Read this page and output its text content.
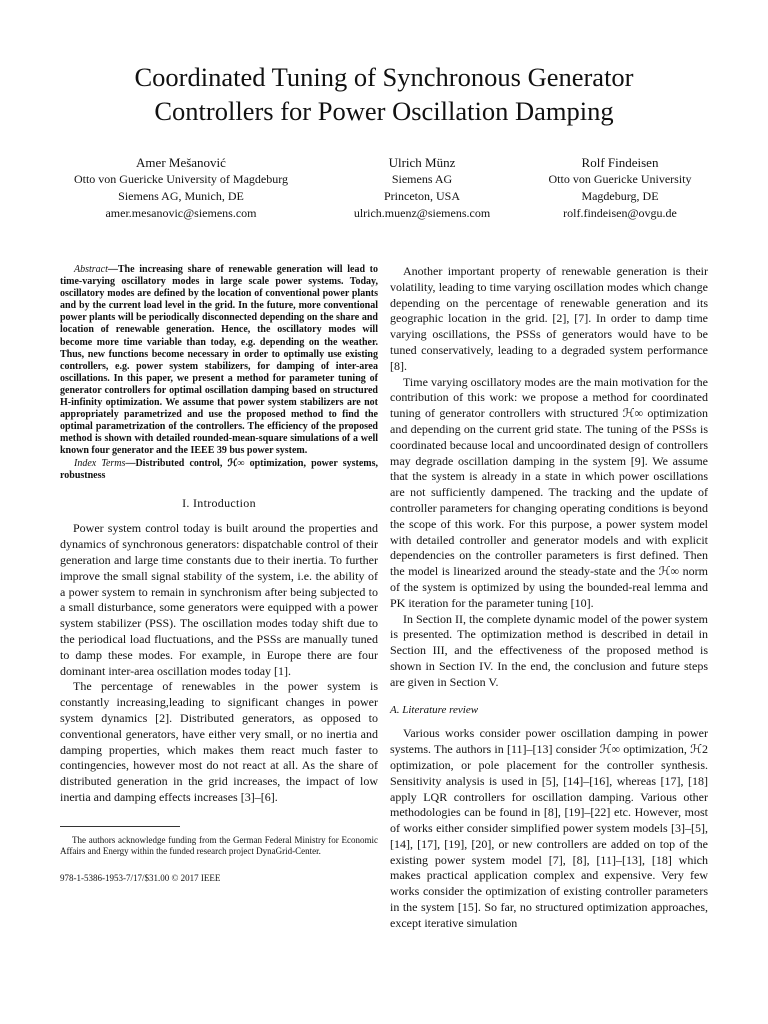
Coordinated Tuning of Synchronous Generator
Controllers for Power Oscillation Damping
Amer Mešanović
Otto von Guericke University of Magdeburg
Siemens AG, Munich, DE
amer.mesanovic@siemens.com
Ulrich Münz
Siemens AG
Princeton, USA
ulrich.muenz@siemens.com
Rolf Findeisen
Otto von Guericke University
Magdeburg, DE
rolf.findeisen@ovgu.de

Abstract—The increasing share of renewable generation will lead to time-varying oscillatory modes in large scale power systems. Today, oscillatory modes are defined by the location of conventional power plants and by the current load level in the grid. In the future, more conventional power plants will be periodically disconnected depending on the share and location of renewable generation. Hence, the oscillatory modes will become more time variable than today, e.g. depending on the weather. Thus, new functions become necessary in order to optimally use existing controllers, e.g. power system stabilizers, for damping of inter-area oscillations. In this paper, we present a method for parameter tuning of generator controllers for optimal oscillation damping based on structured H-infinity optimization. We assume that power system stabilizers are not appropriately parametrized and use the proposed method to find the optimal parametrization of the controllers. The efficiency of the proposed method is shown with detailed rounded-mean-square simulations of a well known four generator and the IEEE 39 bus power system.

Index Terms—Distributed control, ℋ∞ optimization, power systems, robustness

I. Introduction

Power system control today is built around the properties and dynamics of synchronous generators: dispatchable control of their generation and large time constants due to their inertia. To further improve the small signal stability of the system, i.e. the ability of a power system to remain in synchronism after being subjected to a small disturbance, some generators were equipped with a power system stabilizer (PSS). The oscillation modes today shift due to the periodical load fluctuations, and the PSSs are manually tuned to damp these modes. For example, in Europe there are four dominant inter-area oscillation modes today [1].

The percentage of renewables in the power system is constantly increasing,leading to significant changes in power system dynamics [2]. Distributed generators, as opposed to conventional generators, have either very small, or no inertia and damping properties, which makes them react much faster to contingencies, however most do not react at all. As the share of distributed generation in the grid increases, the impact of low inertia and damping effects increases [3]–[6].

The authors acknowledge funding from the German Federal Ministry for Economic Affairs and Energy within the funded research project DynaGrid-Center.

978-1-5386-1953-7/17/$31.00 © 2017 IEEE

Another important property of renewable generation is their volatility, leading to time varying oscillation modes which change depending on the percentage of renewable generation and its geographic location in the grid. [2], [7]. In order to damp time varying oscillations, the PSSs of generators would have to be tuned conservatively, leading to a degraded system performance [8].

Time varying oscillatory modes are the main motivation for the contribution of this work: we propose a method for coordinated tuning of generator controllers with structured ℋ∞ optimization and depending on the current grid state. The tuning of the PSSs is coordinated because local and uncoordinated design of controllers may degrade oscillation damping in the system [9]. We assume that the system is already in a state in which power oscillations are not sufficiently dampened. The tracking and the update of controller parameters for changing operating conditions is beyond the scope of this work. For this purpose, a power system model with detailed controller and generator models and with explicit dependencies on the controller parameters is first defined. Then the model is linearized around the steady-state and the ℋ∞ norm of the system is optimized by using the bounded-real lemma and PK iteration for the parameter tuning [10].

In Section II, the complete dynamic model of the power system is presented. The optimization method is described in detail in Section III, and the effectiveness of the proposed method is shown in Section IV. In the end, the conclusion and future steps are given in Section V.

A. Literature review

Various works consider power oscillation damping in power systems. The authors in [11]–[13] consider ℋ∞ optimization, ℋ2 optimization, or pole placement for the controller synthesis. Sensitivity analysis is used in [5], [14]–[16], whereas [17], [18] apply LQR controllers for oscillation damping. Various other methodologies can be found in [8], [19]–[22] etc. However, most of works either consider simplified power system models [3]–[5], [14], [17], [19], [20], or new controllers are added on top of the existing power system model [7], [8], [11]–[13], [18] which makes practical application complex and expensive. Very few works consider the optimization of existing controller parameters in the system [15]. So far, no structured optimization approaches, except iterative simulation
